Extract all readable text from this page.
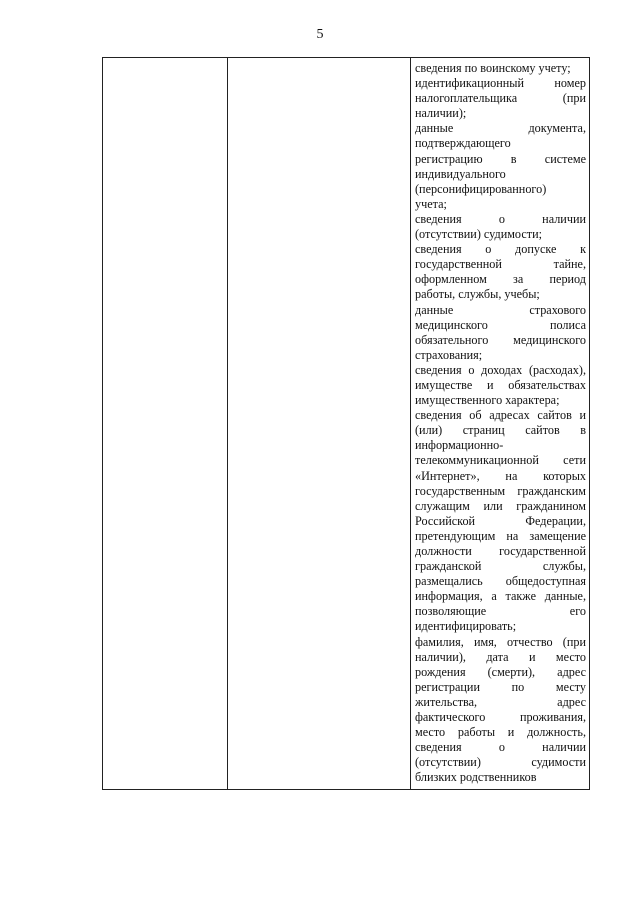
5
сведения по воинскому учету;
идентификационный номер
налогоплательщика (при
наличии);
данные документа,
подтверждающего
регистрацию в системе
индивидуального
(персонифицированного)
учета;
сведения о наличии
(отсутствии) судимости;
сведения о допуске к
государственной тайне,
оформленном за период
работы, службы, учебы;
данные страхового
медицинского полиса
обязательного медицинского
страхования;
сведения о доходах (расходах),
имуществе и обязательствах
имущественного характера;
сведения об адресах сайтов и
(или) страниц сайтов в
информационно-
телекоммуникационной сети
«Интернет», на которых
государственным гражданским
служащим или гражданином
Российской Федерации,
претендующим на замещение
должности государственной
гражданской службы,
размещались общедоступная
информация, а также данные,
позволяющие его
идентифицировать;
фамилия, имя, отчество (при
наличии), дата и место
рождения (смерти), адрес
регистрации по месту
жительства, адрес
фактического проживания,
место работы и должность,
сведения о наличии
(отсутствии) судимости
близких родственников
